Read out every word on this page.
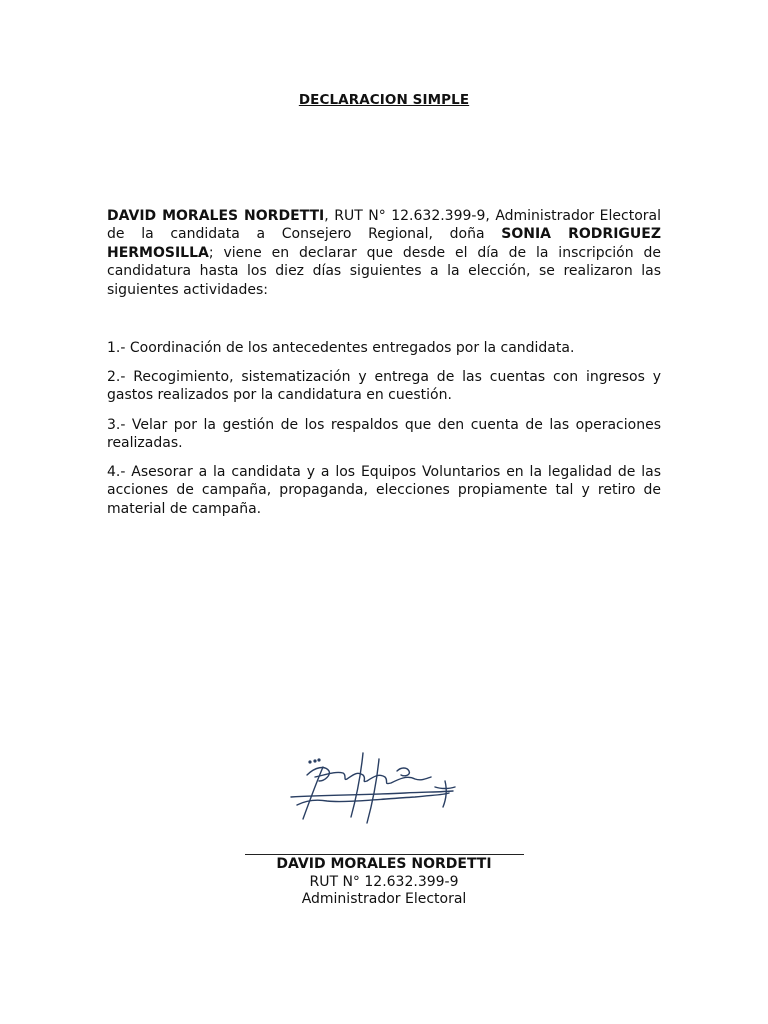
DECLARACION SIMPLE

DAVID MORALES NORDETTI, RUT N° 12.632.399-9, Administrador Electoral de la candidata a Consejero Regional, doña SONIA RODRIGUEZ HERMOSILLA; viene en declarar que desde el día de la inscripción de candidatura hasta los diez días siguientes a la elección, se realizaron las siguientes actividades:

1.- Coordinación de los antecedentes entregados por la candidata.

2.- Recogimiento, sistematización y entrega de las cuentas con ingresos y gastos realizados por la candidatura en cuestión.

3.- Velar por la gestión de los respaldos que den cuenta de las operaciones realizadas.

4.- Asesorar a la candidata y a los Equipos Voluntarios en la legalidad de las acciones de campaña, propaganda, elecciones propiamente tal y retiro de material de campaña.

DAVID MORALES NORDETTI
RUT N° 12.632.399-9
Administrador Electoral
